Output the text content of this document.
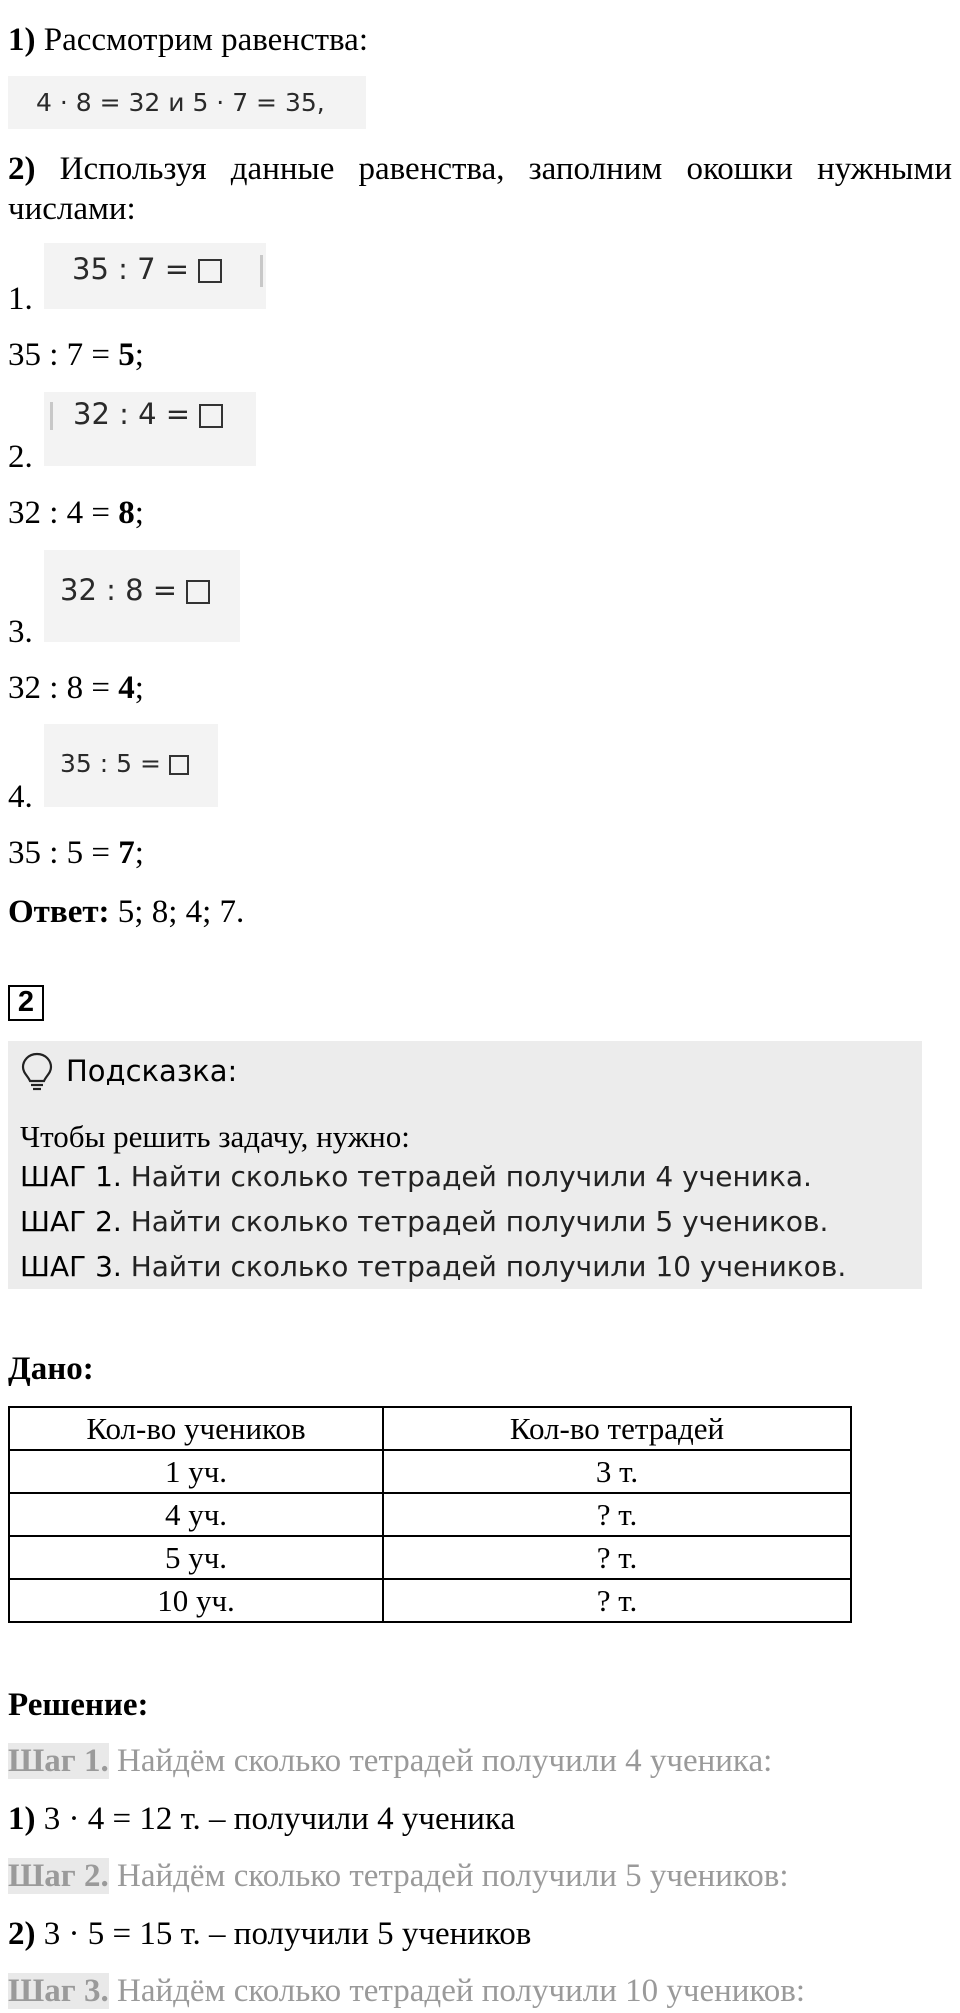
1) Рассмотрим равенства:
4 · 8 = 32 и 5 · 7 = 35,
2) Используя данные равенства, заполним окошки нужными
числами:
35 : 7 =
1.
35 : 7 = 5;
32 : 4 =
2.
32 : 4 = 8;
32 : 8 =
3.
32 : 8 = 4;
35 : 5 =
4.
35 : 5 = 7;
Ответ: 5; 8; 4; 7.
2
Подсказка:
Чтобы решить задачу, нужно:
ШАГ 1. Найти сколько тетрадей получили 4 ученика.
ШАГ 2. Найти сколько тетрадей получили 5 учеников.
ШАГ 3. Найти сколько тетрадей получили 10 учеников.
Дано:
Кол-во учеников	Кол-во тетрадей
1 уч.	3 т.
4 уч.	? т.
5 уч.	? т.
10 уч.	? т.
Решение:
Шаг 1. Найдём сколько тетрадей получили 4 ученика:
1) 3 · 4 = 12 т. – получили 4 ученика
Шаг 2. Найдём сколько тетрадей получили 5 учеников:
2) 3 · 5 = 15 т. – получили 5 учеников
Шаг 3. Найдём сколько тетрадей получили 10 учеников:
